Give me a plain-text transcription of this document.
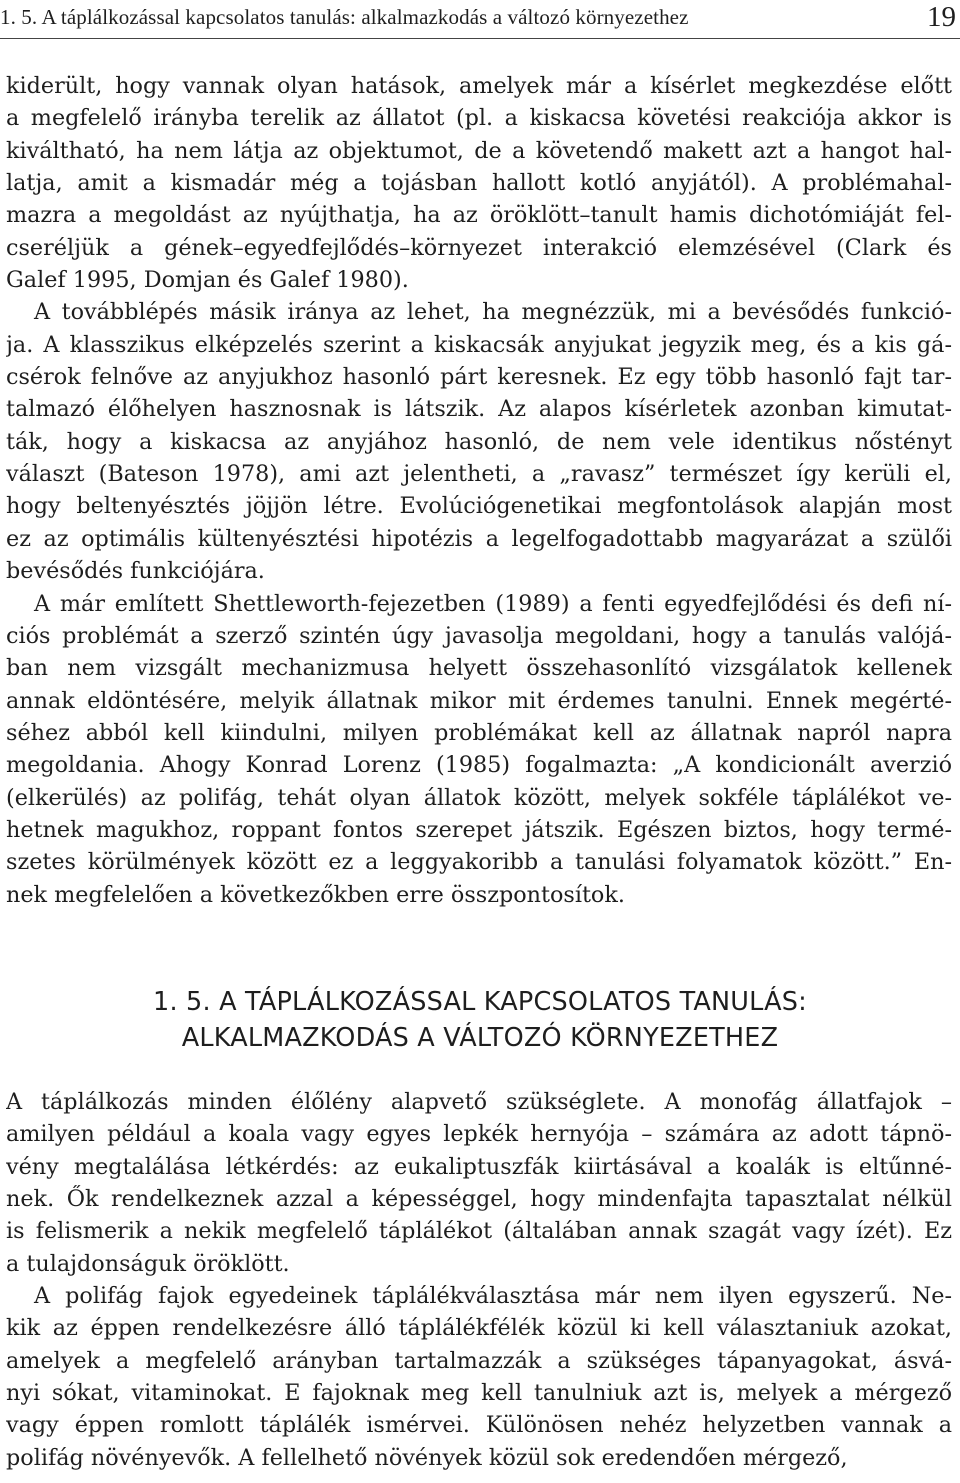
1. 5. A táplálkozással kapcsolatos tanulás: alkalmazkodás a változó környezethez	19
kiderült, hogy vannak olyan hatások, amelyek már a kísérlet megkezdése előtt
a megfelelő irányba terelik az állatot (pl. a kiskacsa követési reakciója akkor is
kiváltható, ha nem látja az objektumot, de a követendő makett azt a hangot hal-
latja, amit a kismadár még a tojásban hallott kotló anyjától). A problémahal-
mazra a megoldást az nyújthatja, ha az öröklött–tanult hamis dichotómiáját fel-
cseréljük a gének–egyedfejlődés–környezet interakció elemzésével (Clark és
Galef 1995, Domjan és Galef 1980).
A továbblépés másik iránya az lehet, ha megnézzük, mi a bevésődés funkció-
ja. A klasszikus elképzelés szerint a kiskacsák anyjukat jegyzik meg, és a kis gá-
csérok felnőve az anyjukhoz hasonló párt keresnek. Ez egy több hasonló fajt tar-
talmazó élőhelyen hasznosnak is látszik. Az alapos kísérletek azonban kimutat-
ták, hogy a kiskacsa az anyjához hasonló, de nem vele identikus nőstényt
választ (Bateson 1978), ami azt jelentheti, a „ravasz” természet így kerüli el,
hogy beltenyésztés jöjjön létre. Evolúciógenetikai megfontolások alapján most
ez az optimális kültenyésztési hipotézis a legelfogadottabb magyarázat a szülői
bevésődés funkciójára.
A már említett Shettleworth-fejezetben (1989) a fenti egyedfejlődési és defi ní-
ciós problémát a szerző szintén úgy javasolja megoldani, hogy a tanulás valójá-
ban nem vizsgált mechanizmusa helyett összehasonlító vizsgálatok kellenek
annak eldöntésére, melyik állatnak mikor mit érdemes tanulni. Ennek megérté-
séhez abból kell kiindulni, milyen problémákat kell az állatnak napról napra
megoldania. Ahogy Konrad Lorenz (1985) fogalmazta: „A kondicionált averzió
(elkerülés) az polifág, tehát olyan állatok között, melyek sokféle táplálékot ve-
hetnek magukhoz, roppant fontos szerepet játszik. Egészen biztos, hogy termé-
szetes körülmények között ez a leggyakoribb a tanulási folyamatok között.” En-
nek megfelelően a következőkben erre összpontosítok.
1. 5. A TÁPLÁLKOZÁSSAL KAPCSOLATOS TANULÁS:
ALKALMAZKODÁS A VÁLTOZÓ KÖRNYEZETHEZ
A táplálkozás minden élőlény alapvető szükséglete. A monofág állatfajok –
amilyen például a koala vagy egyes lepkék hernyója – számára az adott tápnö-
vény megtalálása létkérdés: az eukaliptuszfák kiirtásával a koalák is eltűnné-
nek. Ők rendelkeznek azzal a képességgel, hogy mindenfajta tapasztalat nélkül
is felismerik a nekik megfelelő táplálékot (általában annak szagát vagy ízét). Ez
a tulajdonságuk öröklött.
A polifág fajok egyedeinek táplálékválasztása már nem ilyen egyszerű. Ne-
kik az éppen rendelkezésre álló táplálékfélék közül ki kell választaniuk azokat,
amelyek a megfelelő arányban tartalmazzák a szükséges tápanyagokat, ásvá-
nyi sókat, vitaminokat. E fajoknak meg kell tanulniuk azt is, melyek a mérgező
vagy éppen romlott táplálék ismérvei. Különösen nehéz helyzetben vannak a
polifág növényevők. A fellelhető növények közül sok eredendően mérgező,
